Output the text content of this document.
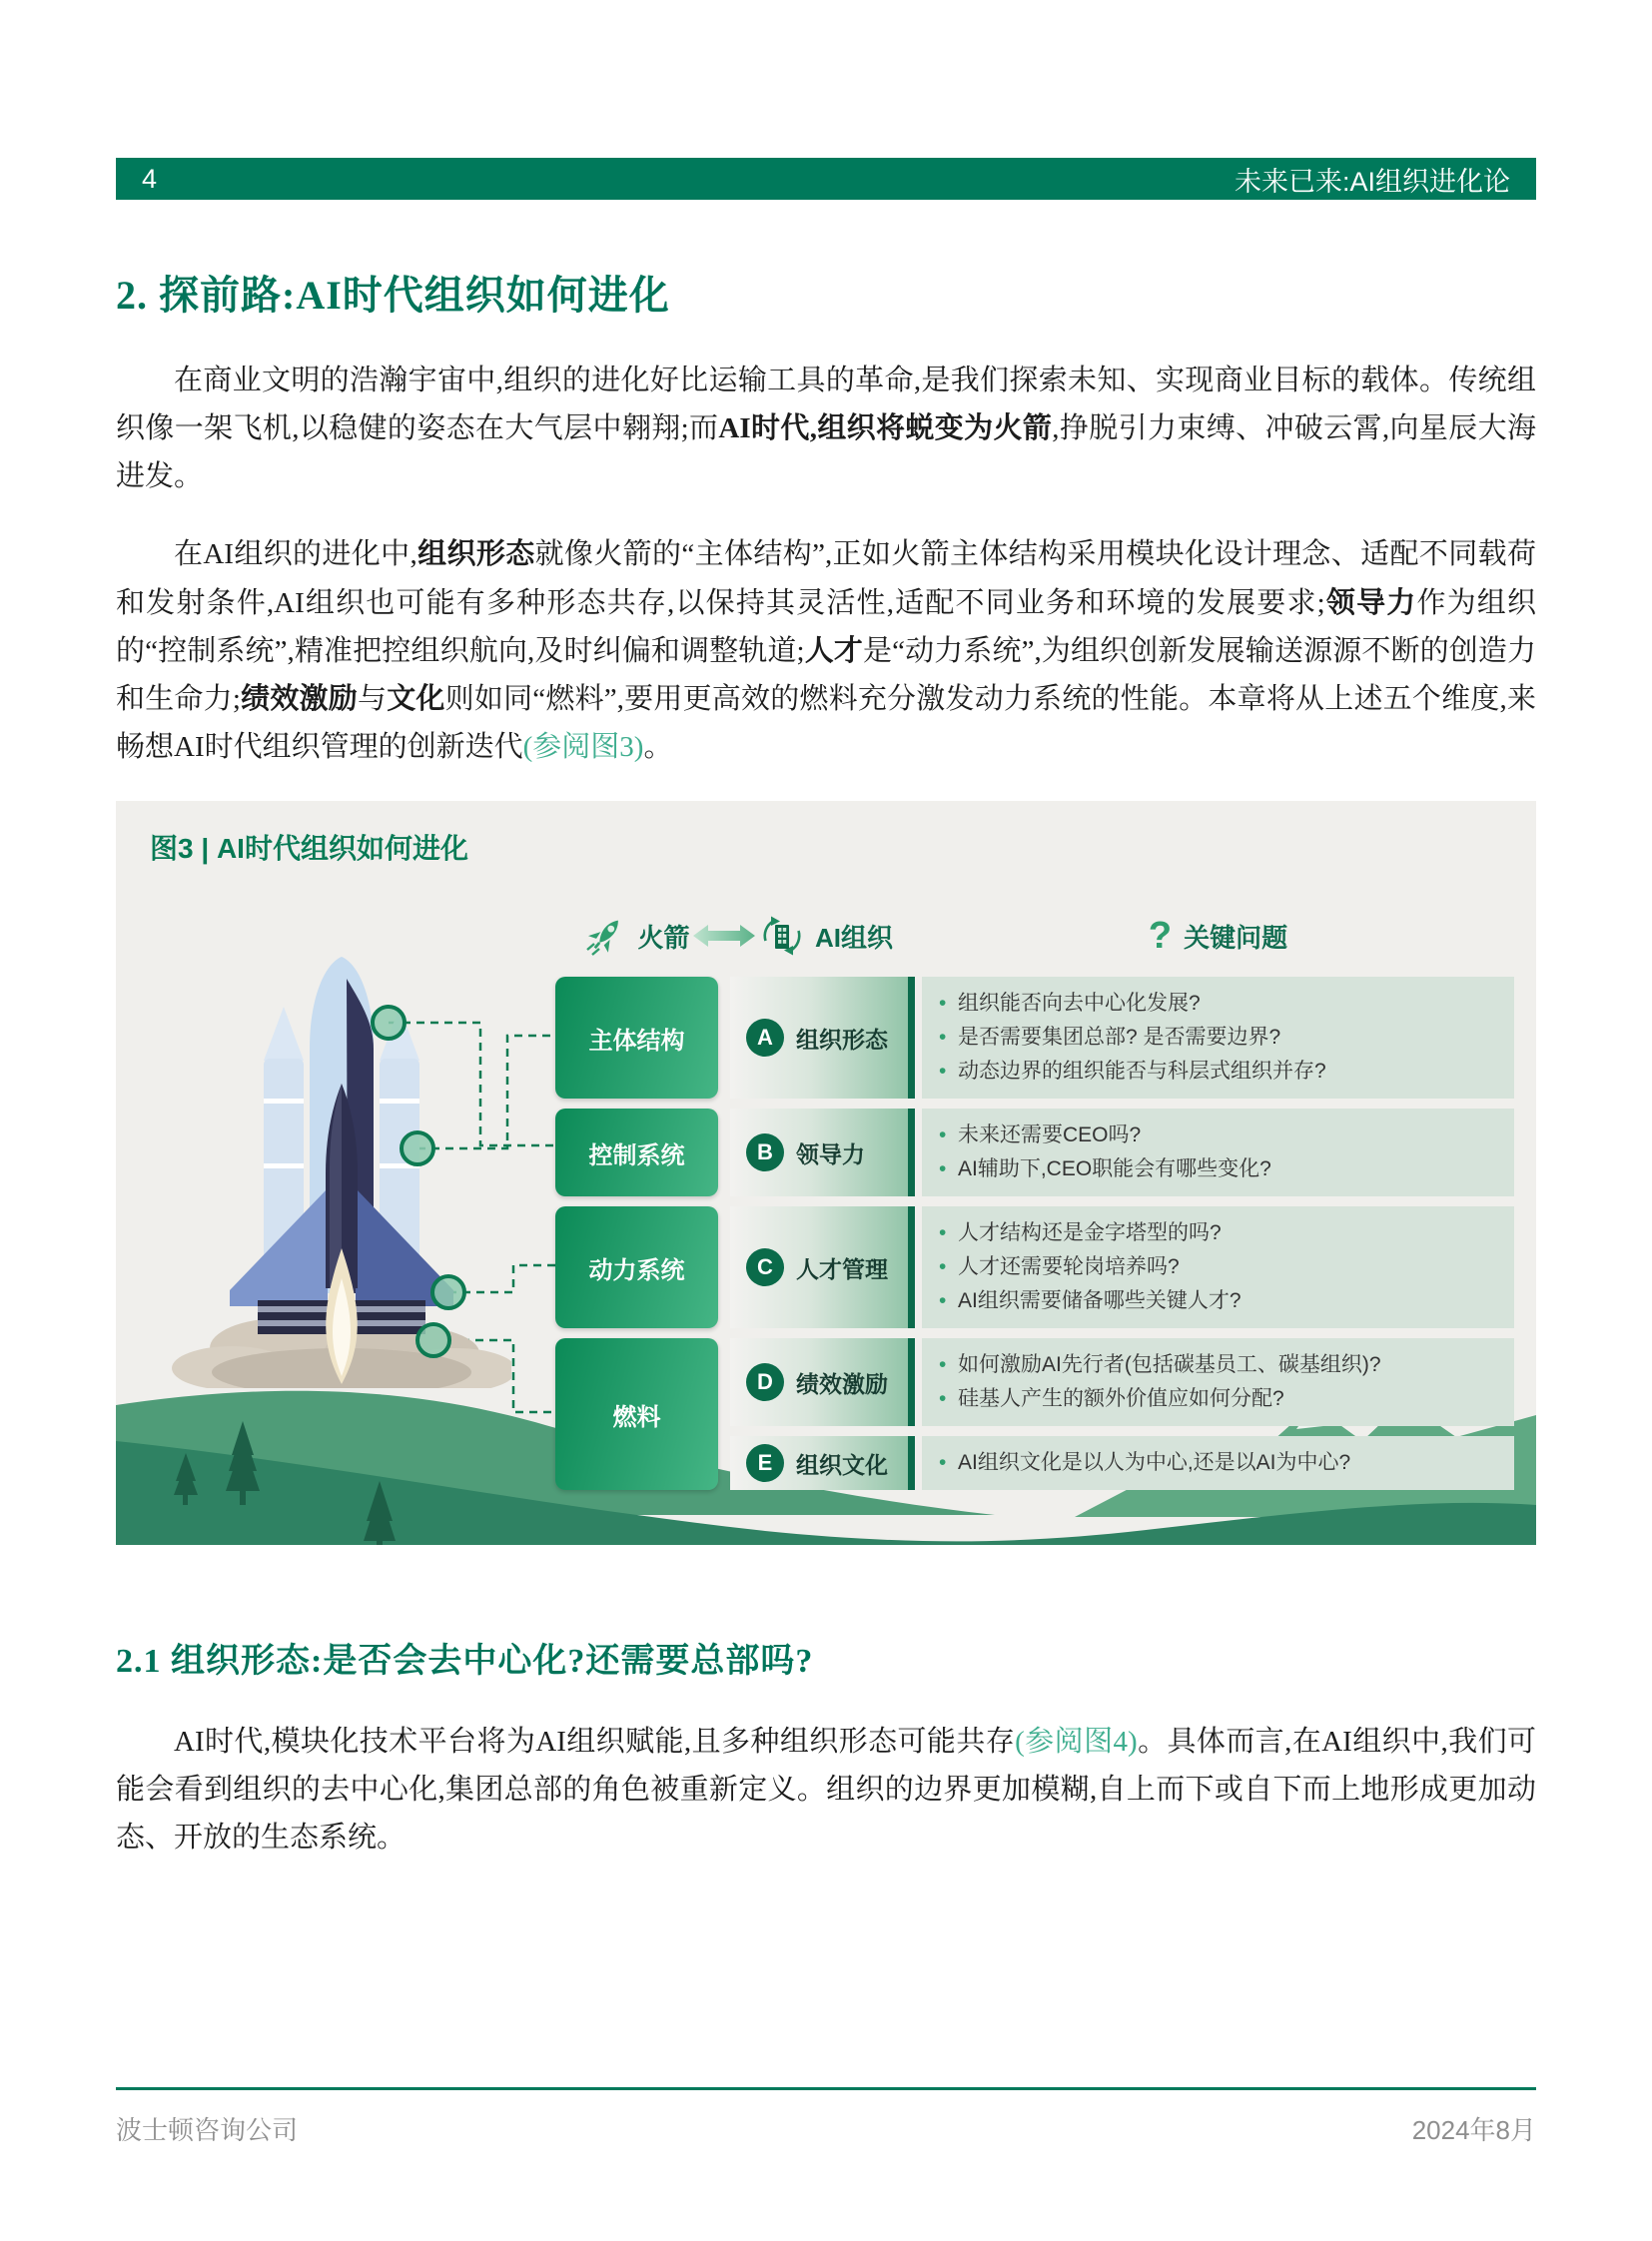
4	未来已来:AI组织进化论
2. 探前路:AI时代组织如何进化

在商业文明的浩瀚宇宙中,组织的进化好比运输工具的革命,是我们探索未知、实现商业目标的载体。传统组织像一架飞机,以稳健的姿态在大气层中翱翔;而AI时代,组织将蜕变为火箭,挣脱引力束缚、冲破云霄,向星辰大海进发。

在AI组织的进化中,组织形态就像火箭的“主体结构”,正如火箭主体结构采用模块化设计理念、适配不同载荷和发射条件,AI组织也可能有多种形态共存,以保持其灵活性,适配不同业务和环境的发展要求;领导力作为组织的“控制系统”,精准把控组织航向,及时纠偏和调整轨道;人才是“动力系统”,为组织创新发展输送源源不断的创造力和生命力;绩效激励与文化则如同“燃料”,要用更高效的燃料充分激发动力系统的性能。本章将从上述五个维度,来畅想AI时代组织管理的创新迭代(参阅图3)。

图3 | AI时代组织如何进化
火箭	AI组织	? 关键问题
主体结构	A	组织形态
• 组织能否向去中心化发展?
• 是否需要集团总部? 是否需要边界?
• 动态边界的组织能否与科层式组织并存?
控制系统	B	领导力
• 未来还需要CEO吗?
• AI辅助下,CEO职能会有哪些变化?
动力系统	C	人才管理
• 人才结构还是金字塔型的吗?
• 人才还需要轮岗培养吗?
• AI组织需要储备哪些关键人才?
燃料
D	绩效激励
• 如何激励AI先行者(包括碳基员工、碳基组织)?
• 硅基人产生的额外价值应如何分配?
E	组织文化	• AI组织文化是以人为中心,还是以AI为中心?
2.1 组织形态:是否会去中心化?还需要总部吗?

AI时代,模块化技术平台将为AI组织赋能,且多种组织形态可能共存(参阅图4)。具体而言,在AI组织中,我们可能会看到组织的去中心化,集团总部的角色被重新定义。组织的边界更加模糊,自上而下或自下而上地形成更加动态、开放的生态系统。

波士顿咨询公司	2024年8月
